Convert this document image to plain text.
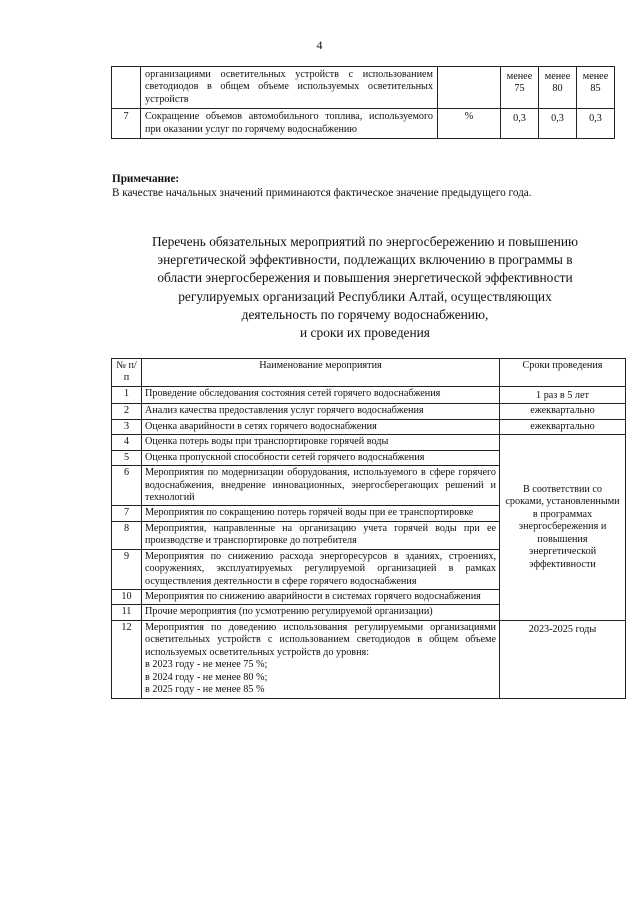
4
	организациями осветительных устройств с использованием светодиодов в общем объеме используемых осветительных устройств		менее 75	менее 80	менее 85
7	Сокращение объемов автомобильного топлива, используемого при оказании услуг по горячему водоснабжению	%	0,3	0,3	0,3
Примечание:
В качестве начальных значений приминаются фактическое значение предыдущего года.
Перечень обязательных мероприятий по энергосбережению и повышению
энергетической эффективности, подлежащих включению в программы в
области энергосбережения и повышения энергетической эффективности
регулируемых организаций Республики Алтай, осуществляющих
деятельность по горячему водоснабжению,
и сроки их проведения
№ п/п	Наименование мероприятия	Сроки проведения
1	Проведение обследования состояния сетей горячего водоснабжения	1 раз в 5 лет
2	Анализ качества предоставления услуг горячего водоснабжения	ежеквартально
3	Оценка аварийности в сетях горячего водоснабжения	ежеквартально
4	Оценка потерь воды при транспортировке горячей воды	В соответствии со сроками, установленными в программах энергосбережения и повышения энергетической эффективности
5	Оценка пропускной способности сетей горячего водоснабжения	
6	Мероприятия по модернизации оборудования, используемого в сфере горячего водоснабжения, внедрение инновационных, энергосберегающих решений и технологий	
7	Мероприятия по сокращению потерь горячей воды при ее транспортировке	
8	Мероприятия, направленные на организацию учета горячей воды при ее производстве и транспортировке до потребителя	
9	Мероприятия по снижению расхода энергоресурсов в зданиях, строениях, сооружениях, эксплуатируемых регулируемой организацией в рамках осуществления деятельности в сфере горячего водоснабжения	
10	Мероприятия по снижению аварийности в системах горячего водоснабжения	
11	Прочие мероприятия (по усмотрению регулируемой организации)	
12	Мероприятия по доведению использования регулируемыми организациями осветительных устройств с использованием светодиодов в общем объеме используемых осветительных устройств до уровня:
в 2023 году - не менее 75 %;
в 2024 году - не менее 80 %;
в 2025 году - не менее 85 %	2023-2025 годы
